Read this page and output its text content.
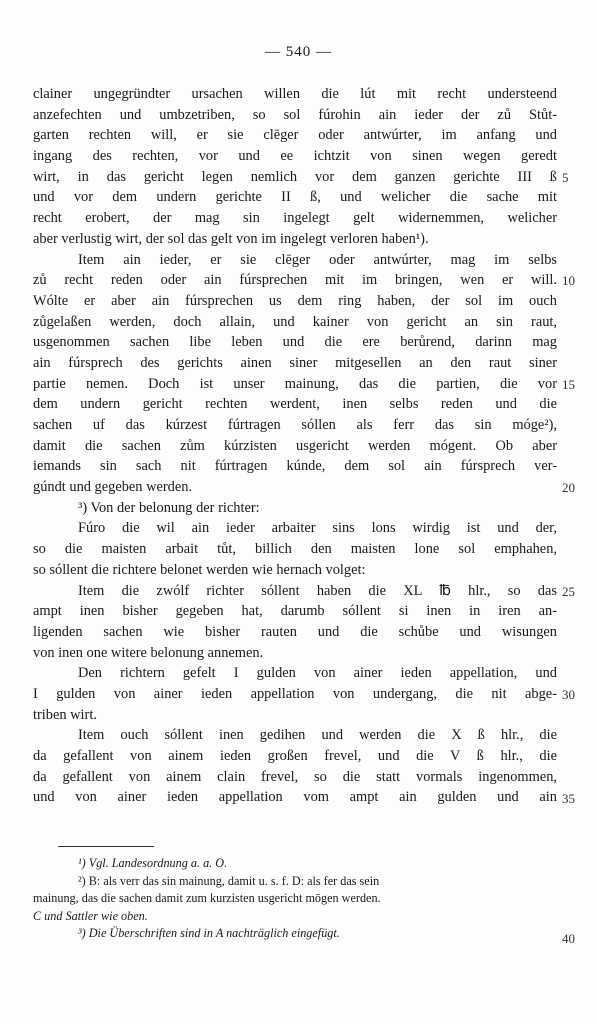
— 540 —
clainer ungegründter ursachen willen die lút mit recht understeend
anzefechten und umbzetriben, so sol fúrohin ain ieder der zů Stůt-
garten rechten will, er sie clēger oder antwúrter, im anfang und
ingang des rechten, vor und ee ichtzit von sinen wegen geredt
wirt, in das gericht legen nemlich vor dem ganzen gerichte III ß
und vor dem undern gerichte II ß, und welicher die sache mit
recht erobert, der mag sin ingelegt gelt widernemmen, welicher
aber verlustig wirt, der sol das gelt von im ingelegt verloren haben¹).
Item ain ieder, er sie clēger oder antwúrter, mag im selbs
zů recht reden oder ain fúrsprechen mit im bringen, wen er will.
Wólte er aber ain fúrsprechen us dem ring haben, der sol im ouch
zůgelaßen werden, doch allain, und kainer von gericht an sin raut,
usgenommen sachen libe leben und die ere berůrend, darinn mag
ain fúrsprech des gerichts ainen siner mitgesellen an den raut siner
partie nemen. Doch ist unser mainung, das die partien, die vor
dem undern gericht rechten werdent, inen selbs reden und die
sachen uf das kúrzest fúrtragen sóllen als ferr das sin móge²),
damit die sachen zům kúrzisten usgericht werden mógent. Ob aber
iemands sin sach nit fúrtragen kúnde, dem sol ain fúrsprech ver-
gúndt und gegeben werden.
³) Von der belonung der richter:
Fúro die wil ain ieder arbaiter sins lons wirdig ist und der,
so die maisten arbait tůt, billich den maisten lone sol emphahen,
so sóllent die richtere belonet werden wie hernach volget:
Item die zwólf richter sóllent haben die XL ℔ hlr., so das
ampt inen bisher gegeben hat, darumb sóllent si inen in iren an-
ligenden sachen wie bisher rauten und die schůbe und wisungen
von inen one witere belonung annemen.
Den richtern gefelt I gulden von ainer ieden appellation, und
I gulden von ainer ieden appellation von undergang, die nit abge-
triben wirt.
Item ouch sóllent inen gedihen und werden die X ß hlr., die
da gefallent von ainem ieden großen frevel, und die V ß hlr., die
da gefallent von ainem clain frevel, so die statt vormals ingenommen,
und von ainer ieden appellation vom ampt ain gulden und ain
5
10
15
20
25
30
35
¹) Vgl. Landesordnung a. a. O.
²) B: als verr das sin mainung, damit u. s. f. D: als fer das sein
mainung, das die sachen damit zum kurzisten usgericht mōgen werden.
C und Sattler wie oben.
³) Die Überschriften sind in A nachträglich eingefügt.	40
